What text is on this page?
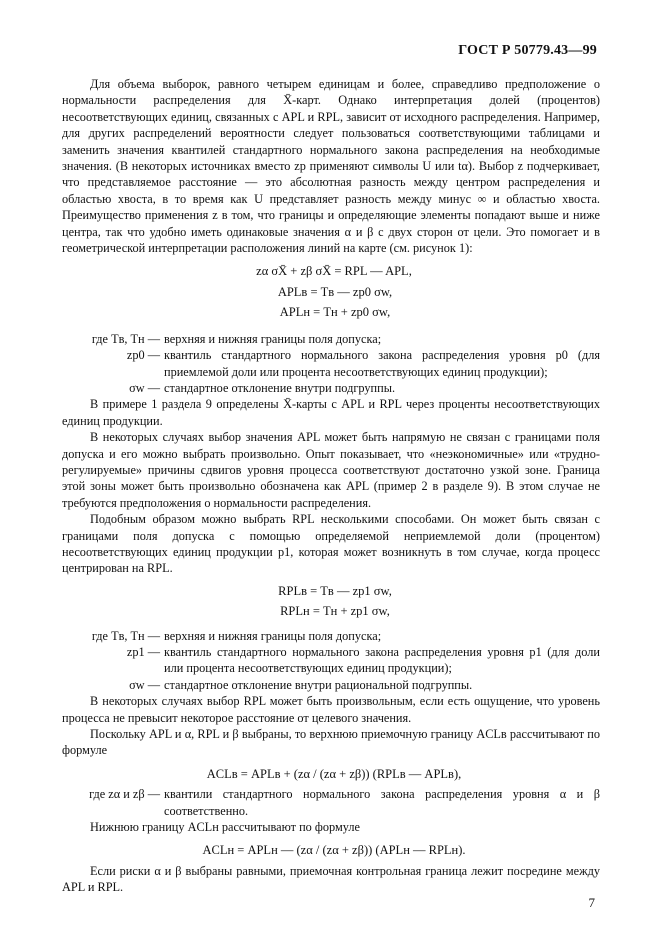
ГОСТ Р 50779.43—99

Для объема выборок, равного четырем единицам и более, справедливо предположение о нормальности распределения для X̄-карт. Однако интерпретация долей (процентов) несоответствующих единиц, связанных с APL и RPL, зависит от исходного распределения. Например, для других распределений вероятности следует пользоваться соответствующими таблицами и заменить значения квантилей стандартного нормального закона распределения на необходимые значения. (В некоторых источниках вместо zp применяют символы U или tα). Выбор z подчеркивает, что представляемое расстояние — это абсолютная разность между центром распределения и областью хвоста, в то время как U представляет разность между минус ∞ и областью хвоста. Преимущество применения z в том, что границы и определяющие элементы попадают выше и ниже центра, так что удобно иметь одинаковые значения α и β с двух сторон от цели. Это помогает и в геометрической интерпретации расположения линий на карте (см. рисунок 1):

zα σX̄ + zβ σX̄ = RPL — APL,
APLв = Tв — zp0 σw,
APLн = Tн + zp0 σw,
где Tв, Tн —	верхняя и нижняя границы поля допуска;
zp0 —	квантиль стандартного нормального закона распределения уровня p0 (для приемлемой доли или процента несоответствующих единиц продукции);
σw —	стандартное отклонение внутри подгруппы.

В примере 1 раздела 9 определены X̄-карты с APL и RPL через проценты несоответствующих единиц продукции.

В некоторых случаях выбор значения APL может быть напрямую не связан с границами поля допуска и его можно выбрать произвольно. Опыт показывает, что «неэкономичные» или «трудно-регулируемые» причины сдвигов уровня процесса соответствуют достаточно узкой зоне. Граница этой зоны может быть произвольно обозначена как APL (пример 2 в разделе 9). В этом случае не требуются предположения о нормальности распределения.

Подобным образом можно выбрать RPL несколькими способами. Он может быть связан с границами поля допуска с помощью определяемой неприемлемой доли (процентом) несоответствующих единиц продукции p1, которая может возникнуть в том случае, когда процесс центрирован на RPL.

RPLв = Tв — zp1 σw,
RPLн = Tн + zp1 σw,
где Tв, Tн —	верхняя и нижняя границы поля допуска;
zp1 —	квантиль стандартного нормального закона распределения уровня p1 (для доли или процента несоответствующих единиц продукции);
σw —	стандартное отклонение внутри рациональной подгруппы.

В некоторых случаях выбор RPL может быть произвольным, если есть ощущение, что уровень процесса не превысит некоторое расстояние от целевого значения.

Поскольку APL и α, RPL и β выбраны, то верхнюю приемочную границу ACLв рассчитывают по формуле

ACLв = APLв + (zα / (zα + zβ)) (RPLв — APLв),
где zα и zβ —	квантили стандартного нормального закона распределения уровня α и β соответственно.

Нижнюю границу ACLн рассчитывают по формуле

ACLн = APLн — (zα / (zα + zβ)) (APLн — RPLн).

Если риски α и β выбраны равными, приемочная контрольная граница лежит посредине между APL и RPL.

7
